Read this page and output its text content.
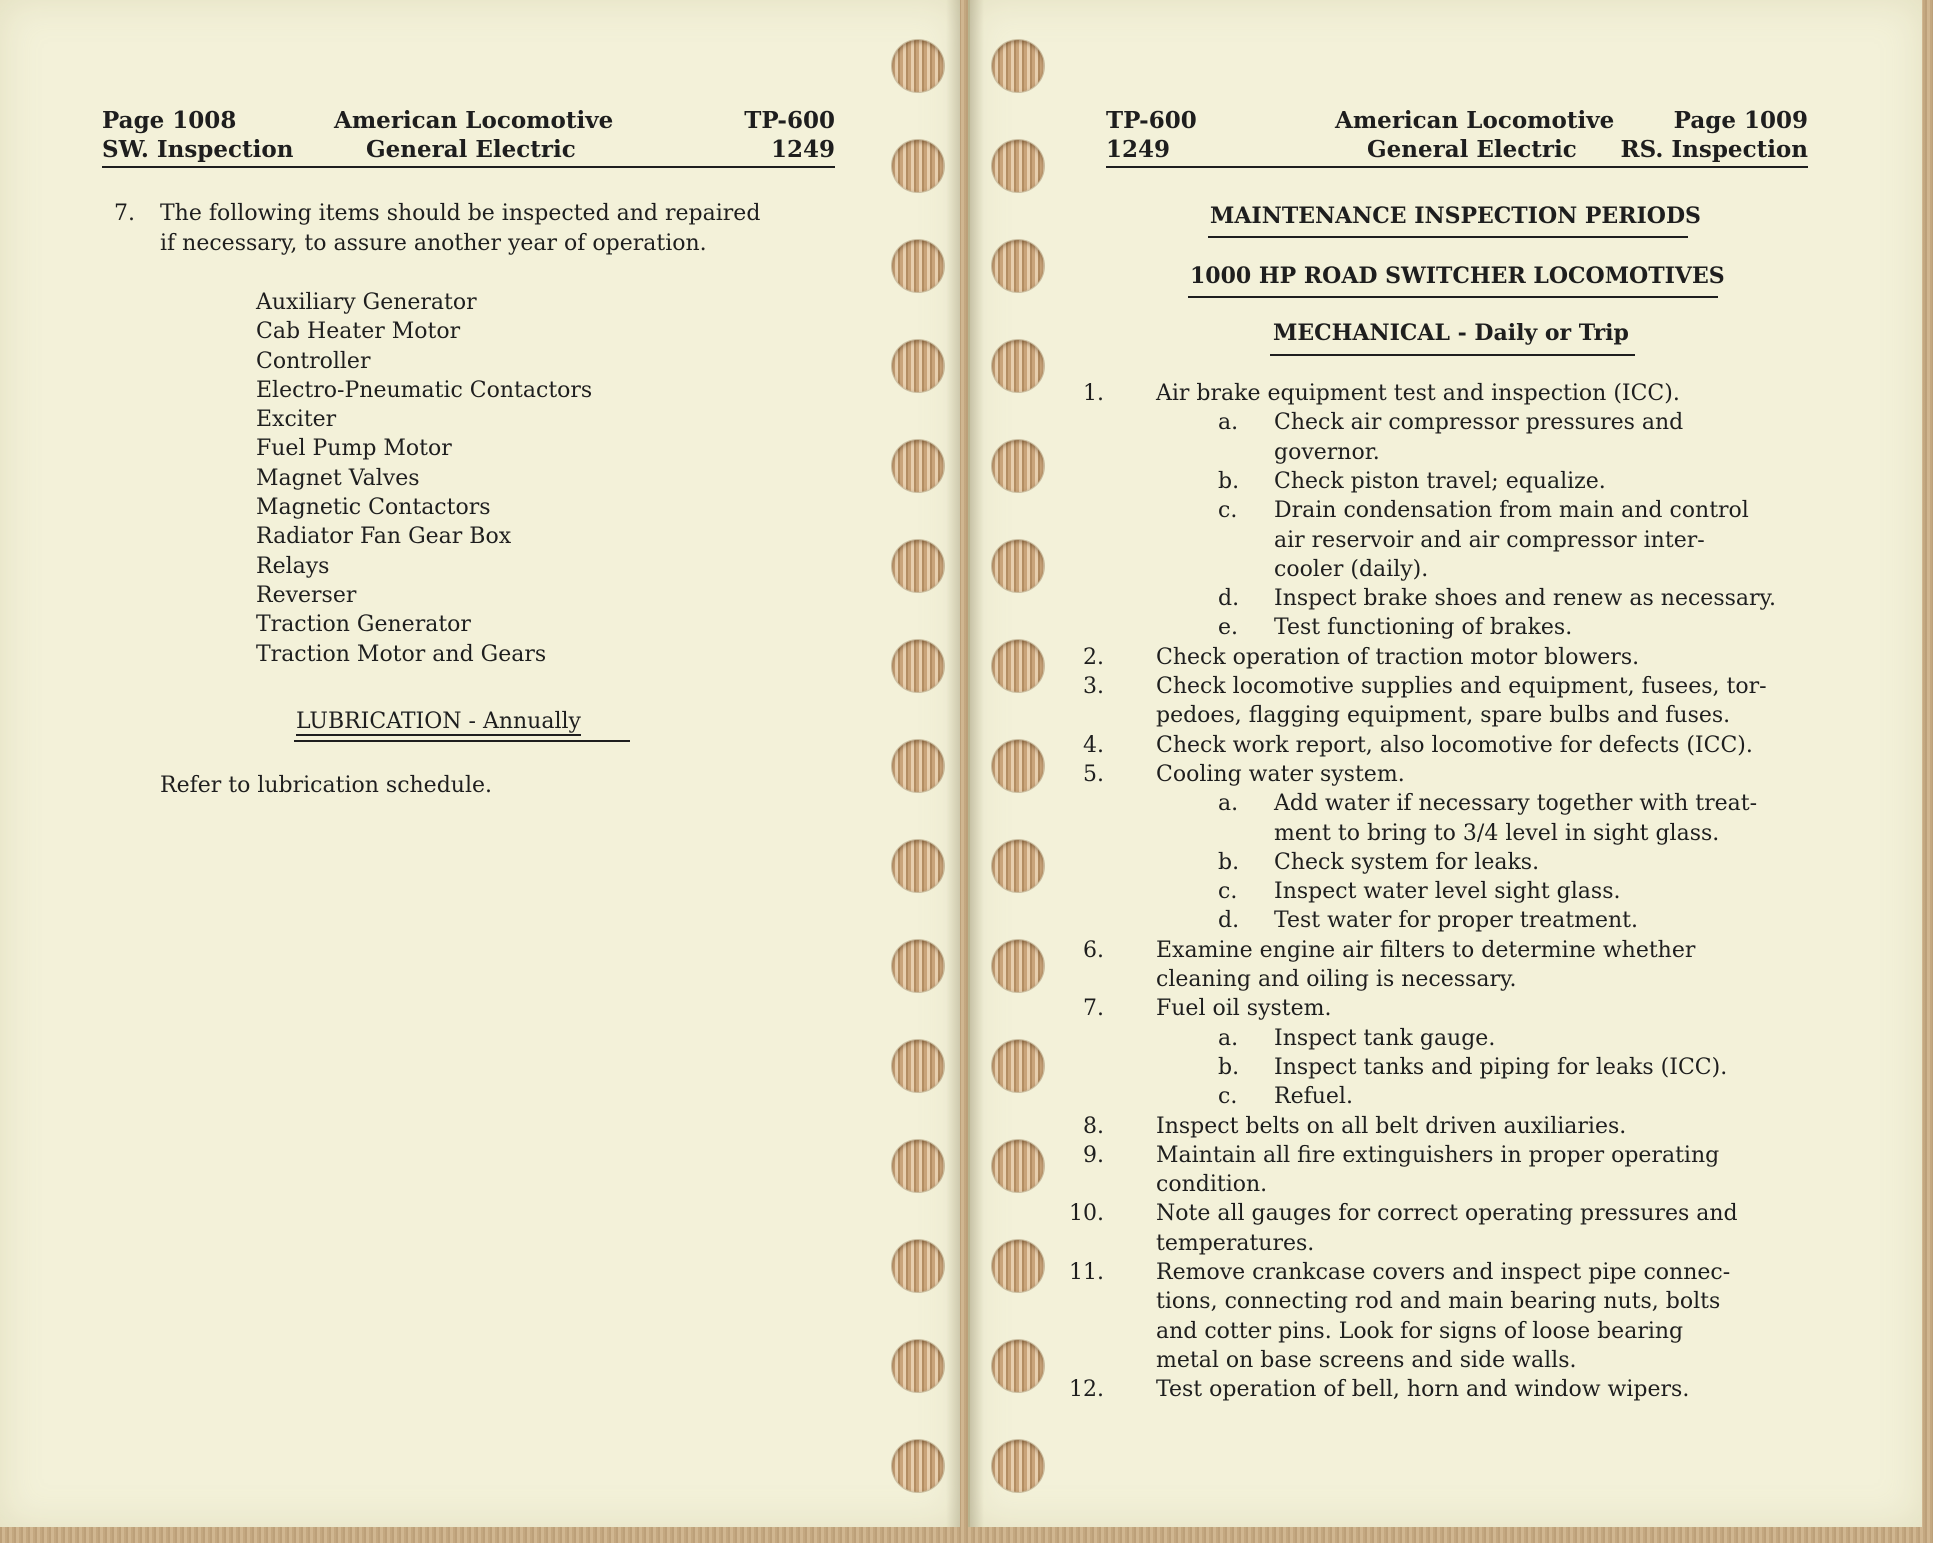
Page 1008
SW. Inspection
American Locomotive
General Electric
TP-600
1249
7. The following items should be inspected and repaired
if necessary, to assure another year of operation.
Auxiliary Generator
Cab Heater Motor
Controller
Electro-Pneumatic Contactors
Exciter
Fuel Pump Motor
Magnet Valves
Magnetic Contactors
Radiator Fan Gear Box
Relays
Reverser
Traction Generator
Traction Motor and Gears
LUBRICATION - Annually
Refer to lubrication schedule.
TP-600
1249
American Locomotive
General Electric
Page 1009
RS. Inspection
MAINTENANCE INSPECTION PERIODS
1000 HP ROAD SWITCHER LOCOMOTIVES
MECHANICAL - Daily or Trip
1. Air brake equipment test and inspection (ICC).
a. Check air compressor pressures and
governor.
b. Check piston travel; equalize.
c. Drain condensation from main and control
air reservoir and air compressor inter-
cooler (daily).
d. Inspect brake shoes and renew as necessary.
e. Test functioning of brakes.
2. Check operation of traction motor blowers.
3. Check locomotive supplies and equipment, fusees, tor-
pedoes, flagging equipment, spare bulbs and fuses.
4. Check work report, also locomotive for defects (ICC).
5. Cooling water system.
a. Add water if necessary together with treat-
ment to bring to 3/4 level in sight glass.
b. Check system for leaks.
c. Inspect water level sight glass.
d. Test water for proper treatment.
6. Examine engine air filters to determine whether
cleaning and oiling is necessary.
7. Fuel oil system.
a. Inspect tank gauge.
b. Inspect tanks and piping for leaks (ICC).
c. Refuel.
8. Inspect belts on all belt driven auxiliaries.
9. Maintain all fire extinguishers in proper operating
condition.
10. Note all gauges for correct operating pressures and
temperatures.
11. Remove crankcase covers and inspect pipe connec-
tions, connecting rod and main bearing nuts, bolts
and cotter pins. Look for signs of loose bearing
metal on base screens and side walls.
12. Test operation of bell, horn and window wipers.
